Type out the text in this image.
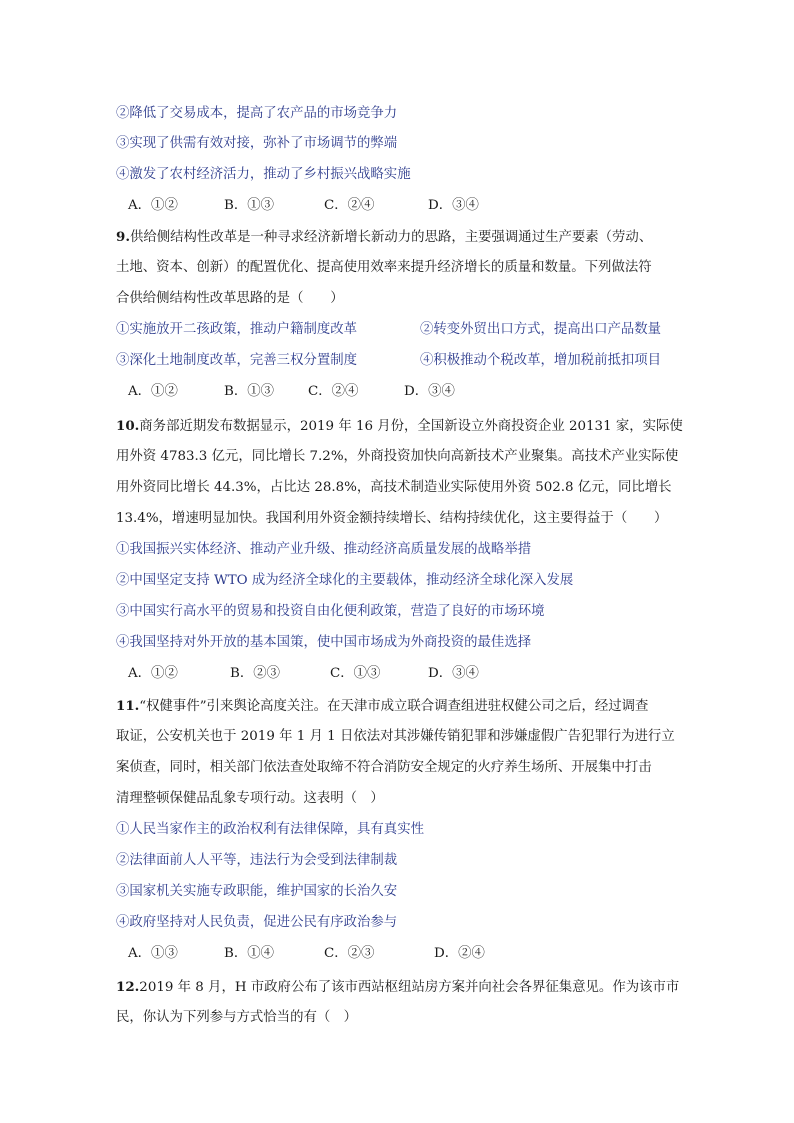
②降低了交易成本，提高了农产品的市场竞争力
③实现了供需有效对接，弥补了市场调节的弊端
④激发了农村经济活力，推动了乡村振兴战略实施
A．①②	B．①③	C．②④	D．③④
9.供给侧结构性改革是一种寻求经济新增长新动力的思路，主要强调通过生产要素（劳动、
土地、资本、创新）的配置优化、提高使用效率来提升经济增长的质量和数量。下列做法符
合供给侧结构性改革思路的是（　　）
①实施放开二孩政策，推动户籍制度改革	②转变外贸出口方式，提高出口产品数量
③深化土地制度改革，完善三权分置制度	④积极推动个税改革，增加税前抵扣项目
A．①②	B．①③	C．②④	D．③④
10.商务部近期发布数据显示，2019 年 16 月份，全国新设立外商投资企业 20131 家，实际使
用外资 4783.3 亿元，同比增长 7.2%，外商投资加快向高新技术产业聚集。高技术产业实际使
用外资同比增长 44.3%，占比达 28.8%，高技术制造业实际使用外资 502.8 亿元，同比增长
13.4%，增速明显加快。我国利用外资金额持续增长、结构持续优化，这主要得益于（　　）
①我国振兴实体经济、推动产业升级、推动经济高质量发展的战略举措
②中国坚定支持 WTO 成为经济全球化的主要载体，推动经济全球化深入发展
③中国实行高水平的贸易和投资自由化便利政策，营造了良好的市场环境
④我国坚持对外开放的基本国策，使中国市场成为外商投资的最佳选择
A．①②	B．②③	C．①③	D．③④
11.“权健事件”引来舆论高度关注。在天津市成立联合调查组进驻权健公司之后，经过调查
取证，公安机关也于 2019 年 1 月 1 日依法对其涉嫌传销犯罪和涉嫌虚假广告犯罪行为进行立
案侦查，同时，相关部门依法查处取缔不符合消防安全规定的火疗养生场所、开展集中打击
清理整顿保健品乱象专项行动。这表明（　）
①人民当家作主的政治权利有法律保障，具有真实性
②法律面前人人平等，违法行为会受到法律制裁
③国家机关实施专政职能，维护国家的长治久安
④政府坚持对人民负责，促进公民有序政治参与
A．①③	B．①④	C．②③	D．②④
12.2019 年 8 月，H 市政府公布了该市西站枢纽站房方案并向社会各界征集意见。作为该市市
民，你认为下列参与方式恰当的有（　）
